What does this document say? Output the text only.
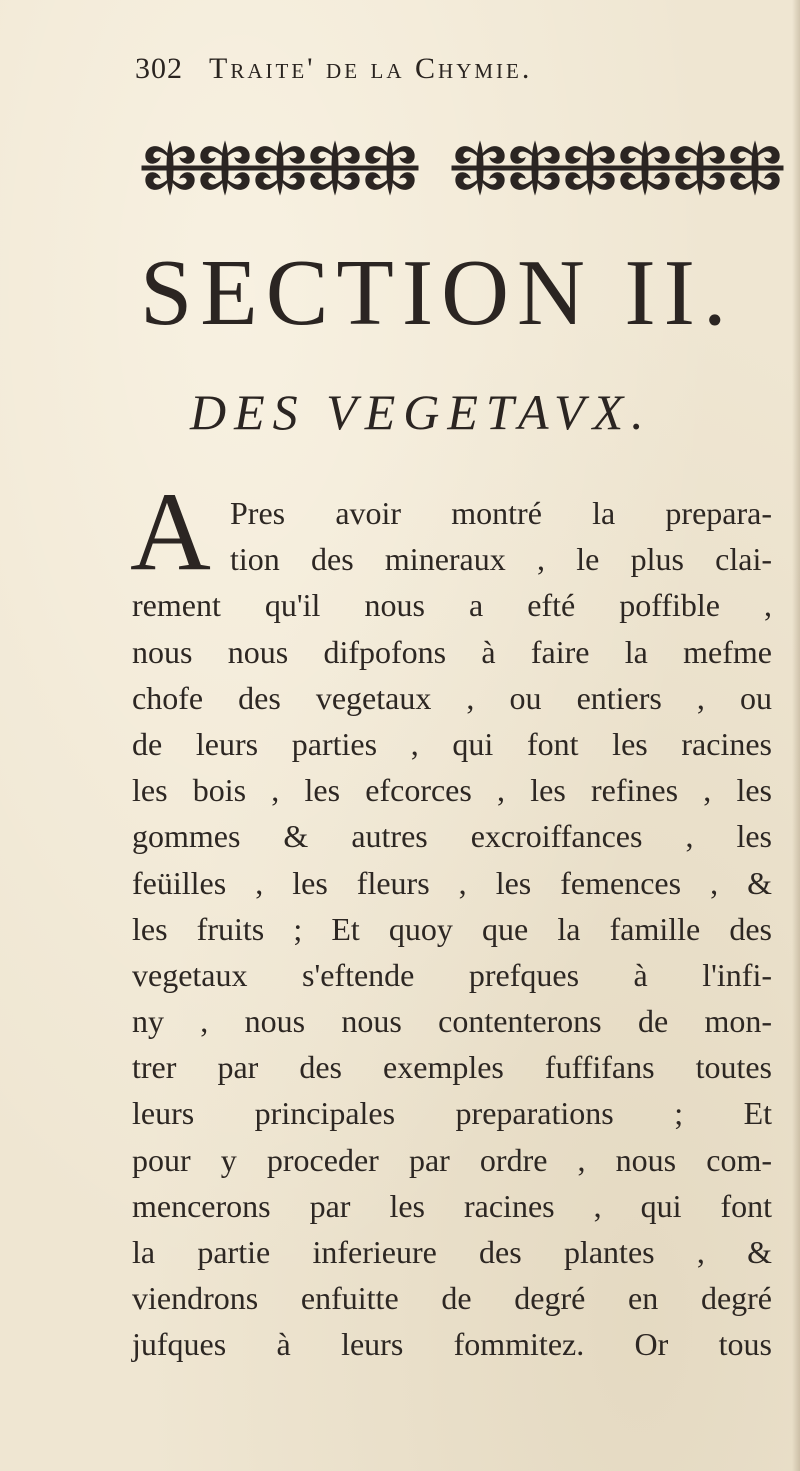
302 Traite' de la Chymie.
SECTION II.
DES VEGETAVX.
A Pres avoir montré la prepara-
tion des mineraux , le plus clai-
rement qu'il nous a efté poffible ,
nous nous difpofons à faire la mefme
chofe des vegetaux , ou entiers , ou
de leurs parties , qui font les racines
les bois , les efcorces , les refines , les
gommes & autres excroiffances , les
feüilles , les fleurs , les femences , &
les fruits ; Et quoy que la famille des
vegetaux s'eftende prefques à l'infi-
ny , nous nous contenterons de mon-
trer par des exemples fuffifans toutes
leurs principales preparations ; Et
pour y proceder par ordre , nous com-
mencerons par les racines , qui font
la partie inferieure des plantes , &
viendrons enfuitte de degré en degré
jufques à leurs fommitez. Or tous
